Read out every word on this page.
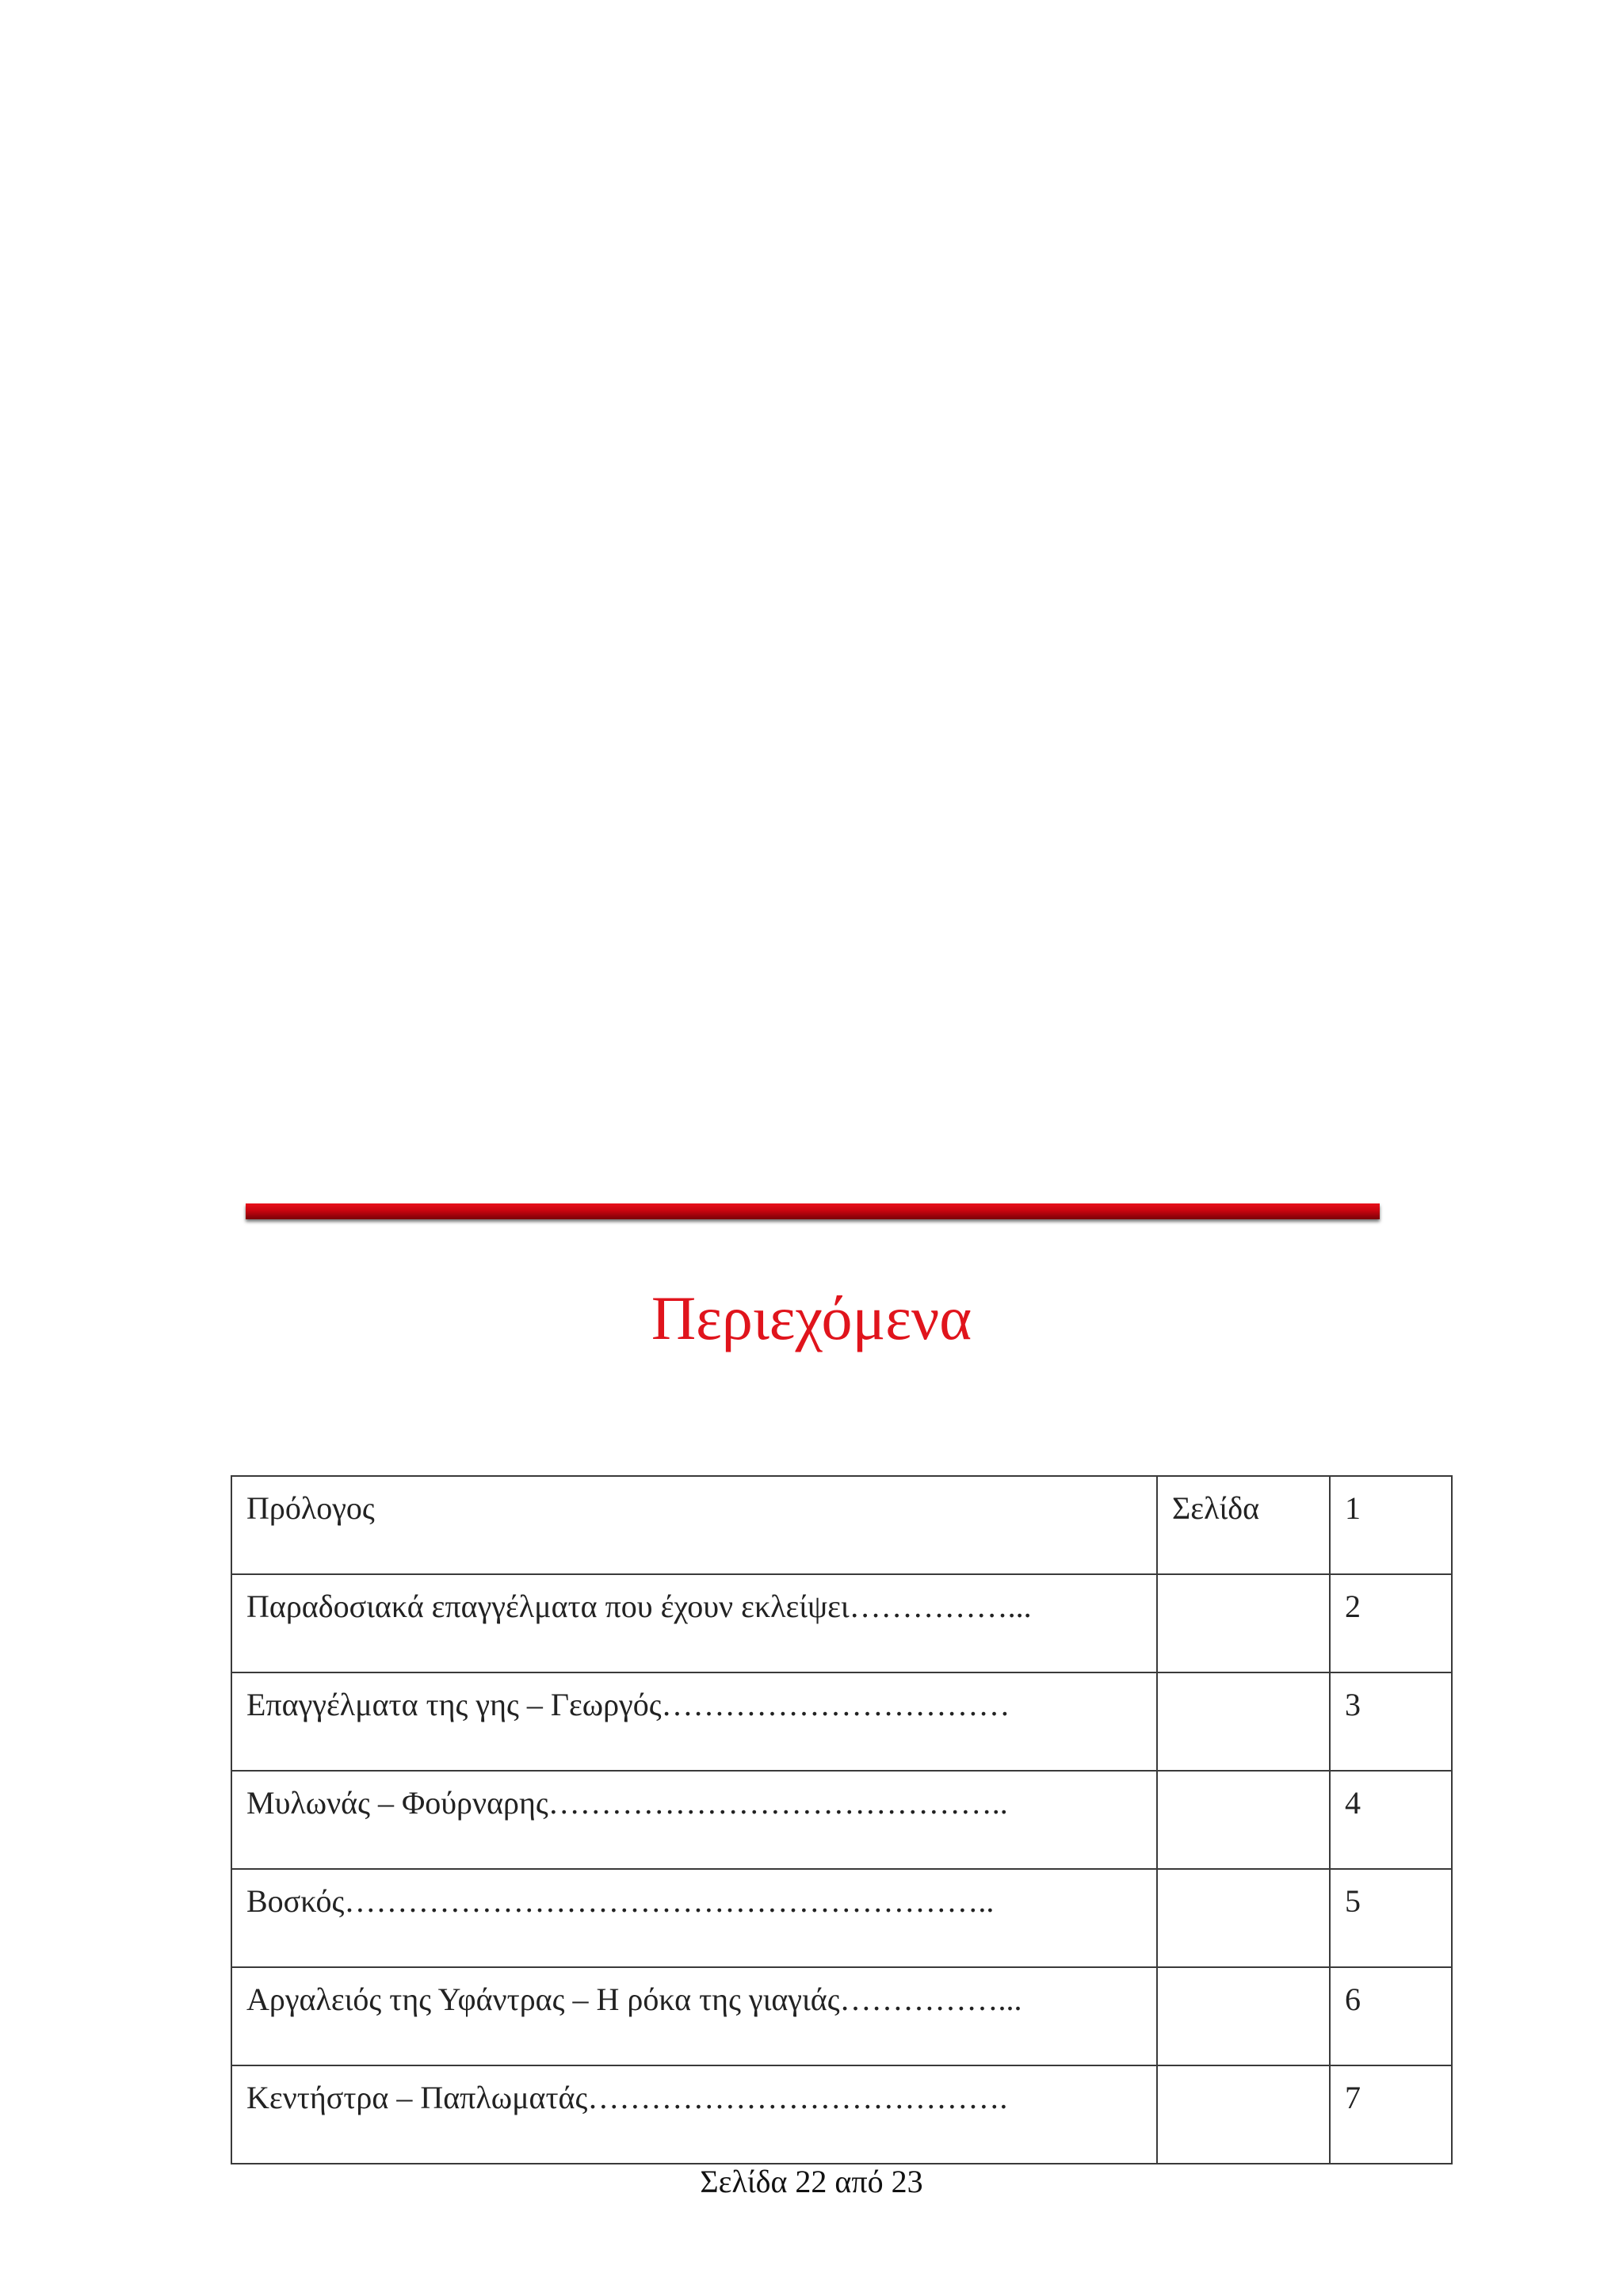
Περιεχόμενα
Πρόλογος	Σελίδα	1
Παραδοσιακά επαγγέλματα που έχουν εκλείψει……………...		2
Επαγγέλματα της γης – Γεωργός……………………………		3
Μυλωνάς – Φούρναρης……………………………………..		4
Βοσκός……………………………………………………..		5
Αργαλειός της Υφάντρας – Η ρόκα της γιαγιάς……………...		6
Κεντήστρα – Παπλωματάς………………………………….		7
Σελίδα 22 από 23
